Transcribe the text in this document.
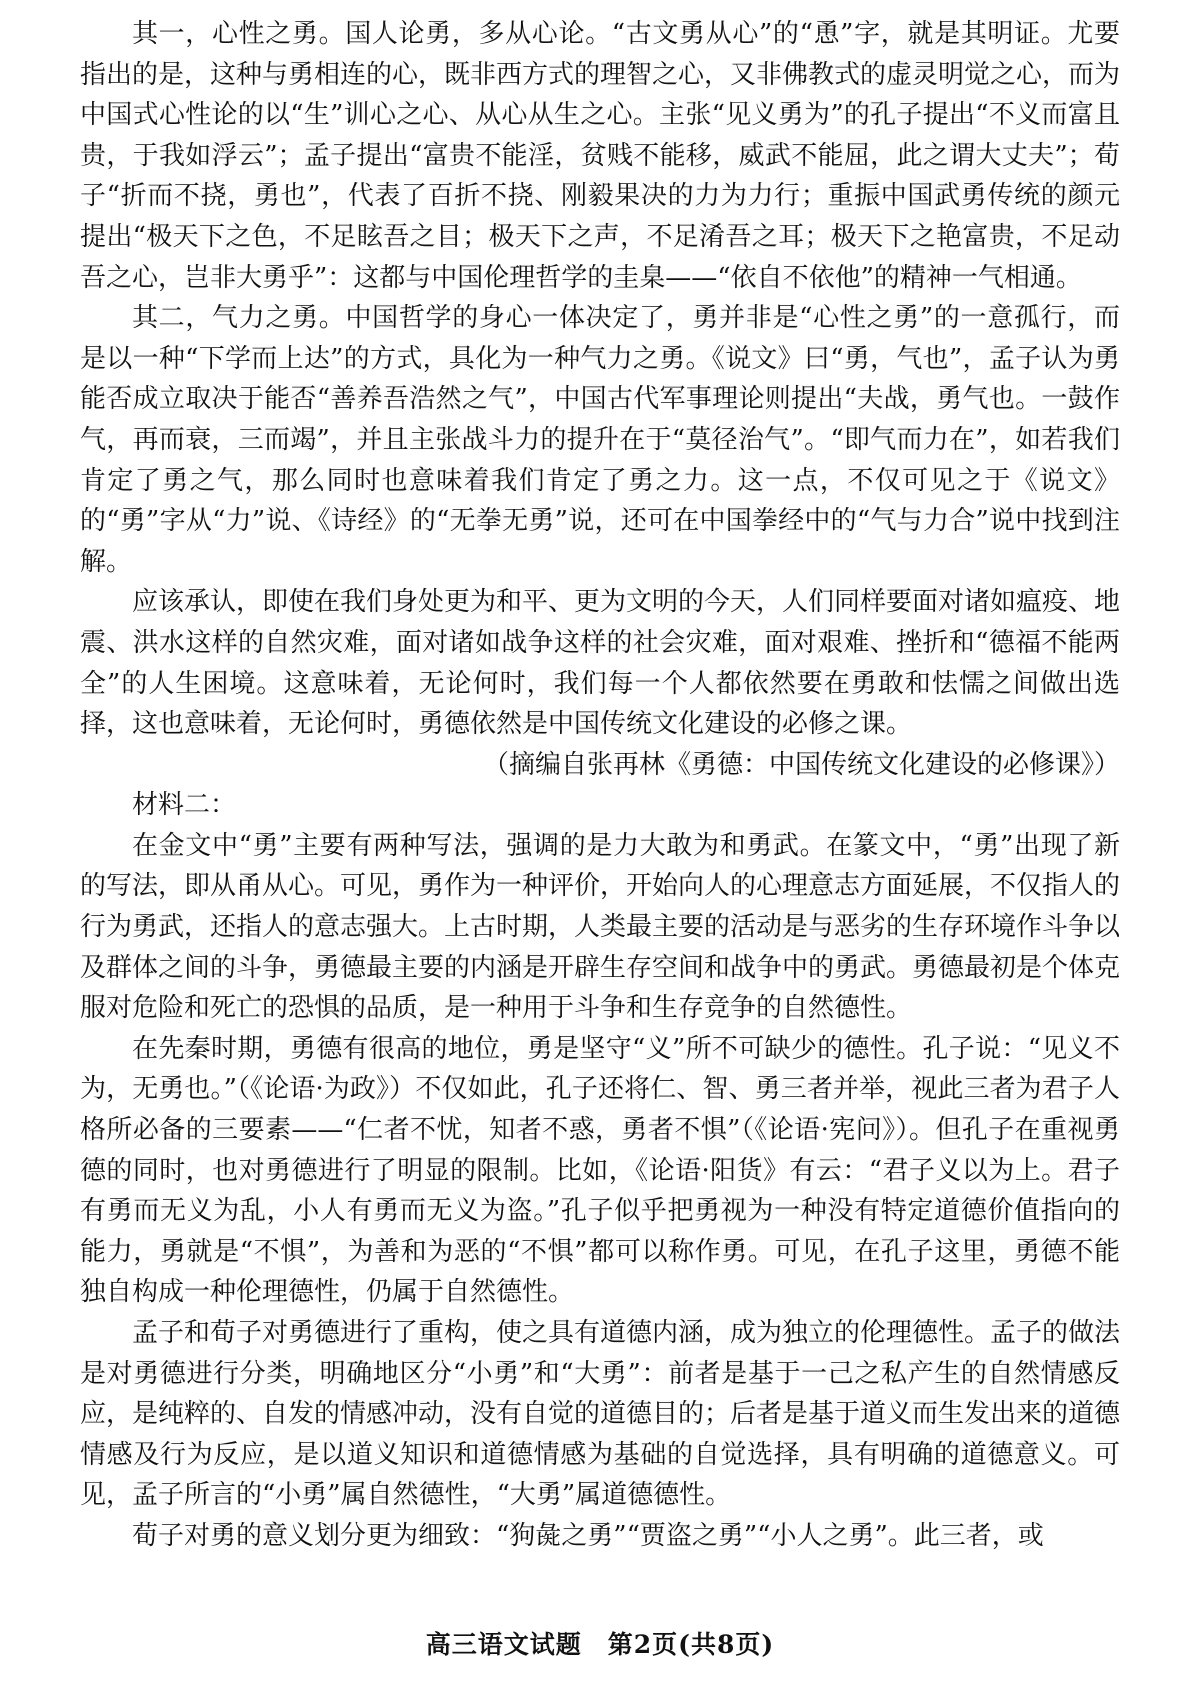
其一，心性之勇。国人论勇，多从心论。“古文勇从心”的“恿”字，就是其明证。尤要指出的是，这种与勇相连的心，既非西方式的理智之心，又非佛教式的虚灵明觉之心，而为中国式心性论的以“生”训心之心、从心从生之心。主张“见义勇为”的孔子提出“不义而富且贵，于我如浮云”；孟子提出“富贵不能淫，贫贱不能移，威武不能屈，此之谓大丈夫”；荀子“折而不挠，勇也”，代表了百折不挠、刚毅果决的力为力行；重振中国武勇传统的颜元提出“极天下之色，不足眩吾之目；极天下之声，不足淆吾之耳；极天下之艳富贵，不足动吾之心，岂非大勇乎”：这都与中国伦理哲学的圭臬——“依自不依他”的精神一气相通。

其二，气力之勇。中国哲学的身心一体决定了，勇并非是“心性之勇”的一意孤行，而是以一种“下学而上达”的方式，具化为一种气力之勇。《说文》曰“勇，气也”，孟子认为勇能否成立取决于能否“善养吾浩然之气”，中国古代军事理论则提出“夫战，勇气也。一鼓作气，再而衰，三而竭”，并且主张战斗力的提升在于“莫径治气”。“即气而力在”，如若我们肯定了勇之气，那么同时也意味着我们肯定了勇之力。这一点，不仅可见之于《说文》的“勇”字从“力”说、《诗经》的“无拳无勇”说，还可在中国拳经中的“气与力合”说中找到注解。

应该承认，即使在我们身处更为和平、更为文明的今天，人们同样要面对诸如瘟疫、地震、洪水这样的自然灾难，面对诸如战争这样的社会灾难，面对艰难、挫折和“德福不能两全”的人生困境。这意味着，无论何时，我们每一个人都依然要在勇敢和怯懦之间做出选择，这也意味着，无论何时，勇德依然是中国传统文化建设的必修之课。

（摘编自张再林《勇德：中国传统文化建设的必修课》）

材料二：

在金文中“勇”主要有两种写法，强调的是力大敢为和勇武。在篆文中，“勇”出现了新的写法，即从甬从心。可见，勇作为一种评价，开始向人的心理意志方面延展，不仅指人的行为勇武，还指人的意志强大。上古时期，人类最主要的活动是与恶劣的生存环境作斗争以及群体之间的斗争，勇德最主要的内涵是开辟生存空间和战争中的勇武。勇德最初是个体克服对危险和死亡的恐惧的品质，是一种用于斗争和生存竞争的自然德性。

在先秦时期，勇德有很高的地位，勇是坚守“义”所不可缺少的德性。孔子说：“见义不为，无勇也。”（《论语·为政》）不仅如此，孔子还将仁、智、勇三者并举，视此三者为君子人格所必备的三要素——“仁者不忧，知者不惑，勇者不惧”（《论语·宪问》）。但孔子在重视勇德的同时，也对勇德进行了明显的限制。比如，《论语·阳货》有云：“君子义以为上。君子有勇而无义为乱，小人有勇而无义为盗。”孔子似乎把勇视为一种没有特定道德价值指向的能力，勇就是“不惧”，为善和为恶的“不惧”都可以称作勇。可见，在孔子这里，勇德不能独自构成一种伦理德性，仍属于自然德性。

孟子和荀子对勇德进行了重构，使之具有道德内涵，成为独立的伦理德性。孟子的做法是对勇德进行分类，明确地区分“小勇”和“大勇”：前者是基于一己之私产生的自然情感反应，是纯粹的、自发的情感冲动，没有自觉的道德目的；后者是基于道义而生发出来的道德情感及行为反应，是以道义知识和道德情感为基础的自觉选择，具有明确的道德意义。可见，孟子所言的“小勇”属自然德性，“大勇”属道德德性。

荀子对勇的意义划分更为细致：“狗彘之勇”“贾盗之勇”“小人之勇”。此三者，或

高三语文试题　第2页(共8页)
